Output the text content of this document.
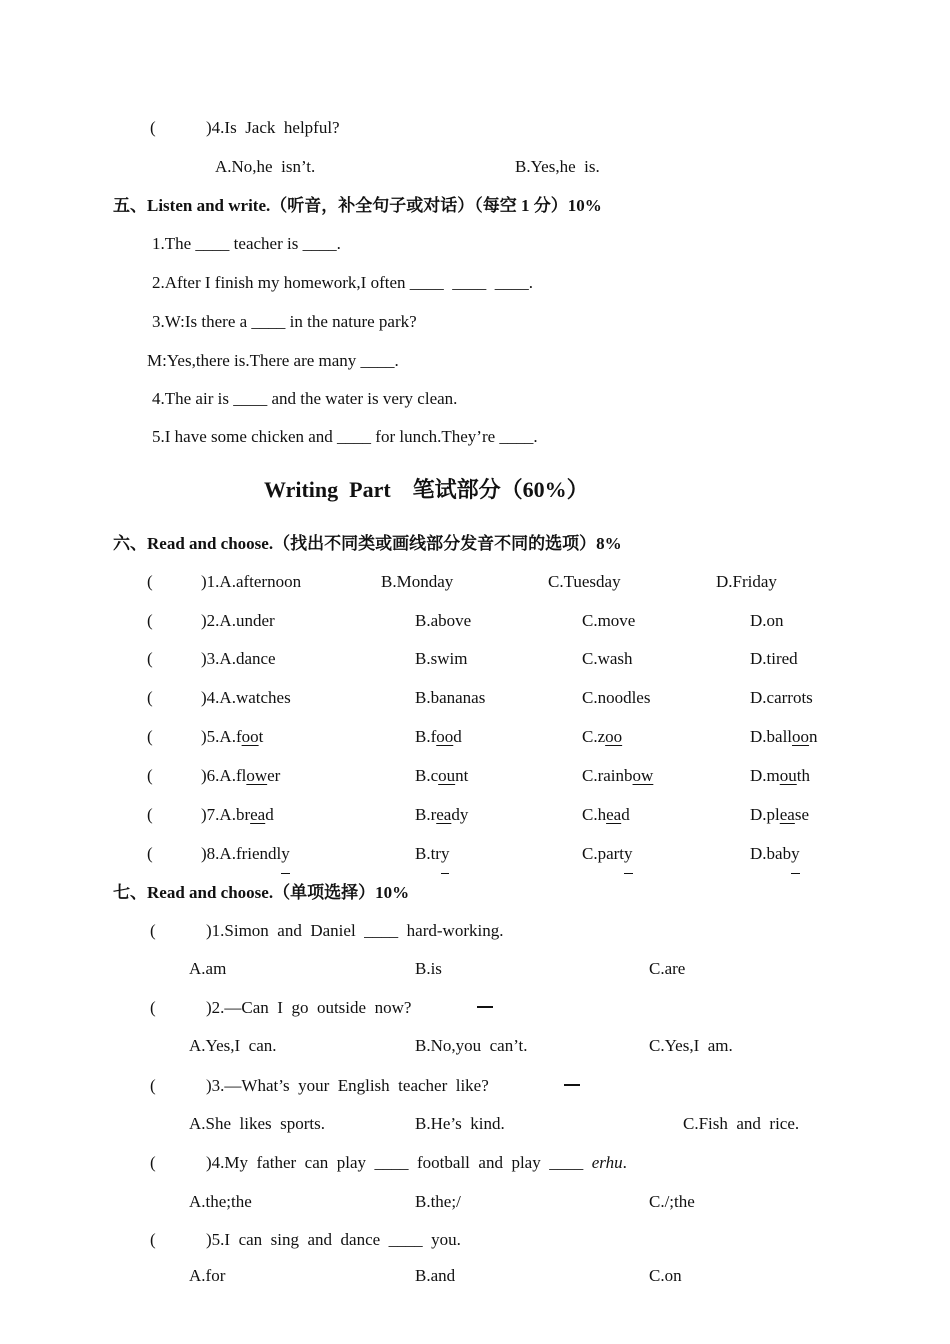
(	)4.Is  Jack  helpful?
A.No,he  isn’t.	B.Yes,he  is.
五、Listen and write.（听音，补全句子或对话）（每空 1 分）10%
1.The ____ teacher is ____.
2.After I finish my homework,I often ____  ____  ____.
3.W:Is there a ____ in the nature park?
M:Yes,there is.There are many ____.
4.The air is ____ and the water is very clean.
5.I have some chicken and ____ for lunch.They’re ____.
Writing  Part    笔试部分（60%）
六、Read and choose.（找出不同类或画线部分发音不同的选项）8%
(	)1.A.afternoon	B.Monday	C.Tuesday	D.Friday
(	)2.A.under	B.above	C.move	D.on
(	)3.A.dance	B.swim	C.wash	D.tired
(	)4.A.watches	B.bananas	C.noodles	D.carrots
(	)5.A.foot	B.food	C.zoo	D.balloon
(	)6.A.flower	B.count	C.rainbow	D.mouth
(	)7.A.bread	B.ready	C.head	D.please
(	)8.A.friendly	B.try	C.party	D.baby
七、Read and choose.（单项选择）10%
(	)1.Simon  and  Daniel  ____  hard-working.
A.am	B.is	C.are
(	)2.—Can  I  go  outside  now?
A.Yes,I  can.	B.No,you  can’t.	C.Yes,I  am.
(	)3.—What’s  your  English  teacher  like?
A.She  likes  sports.	B.He’s  kind.	C.Fish  and  rice.
(	)4.My  father  can  play  ____  football  and  play  ____ erhu.
A.the;the	B.the;/	C./;the
(	)5.I  can  sing  and  dance  ____  you.
A.for	B.and	C.on
